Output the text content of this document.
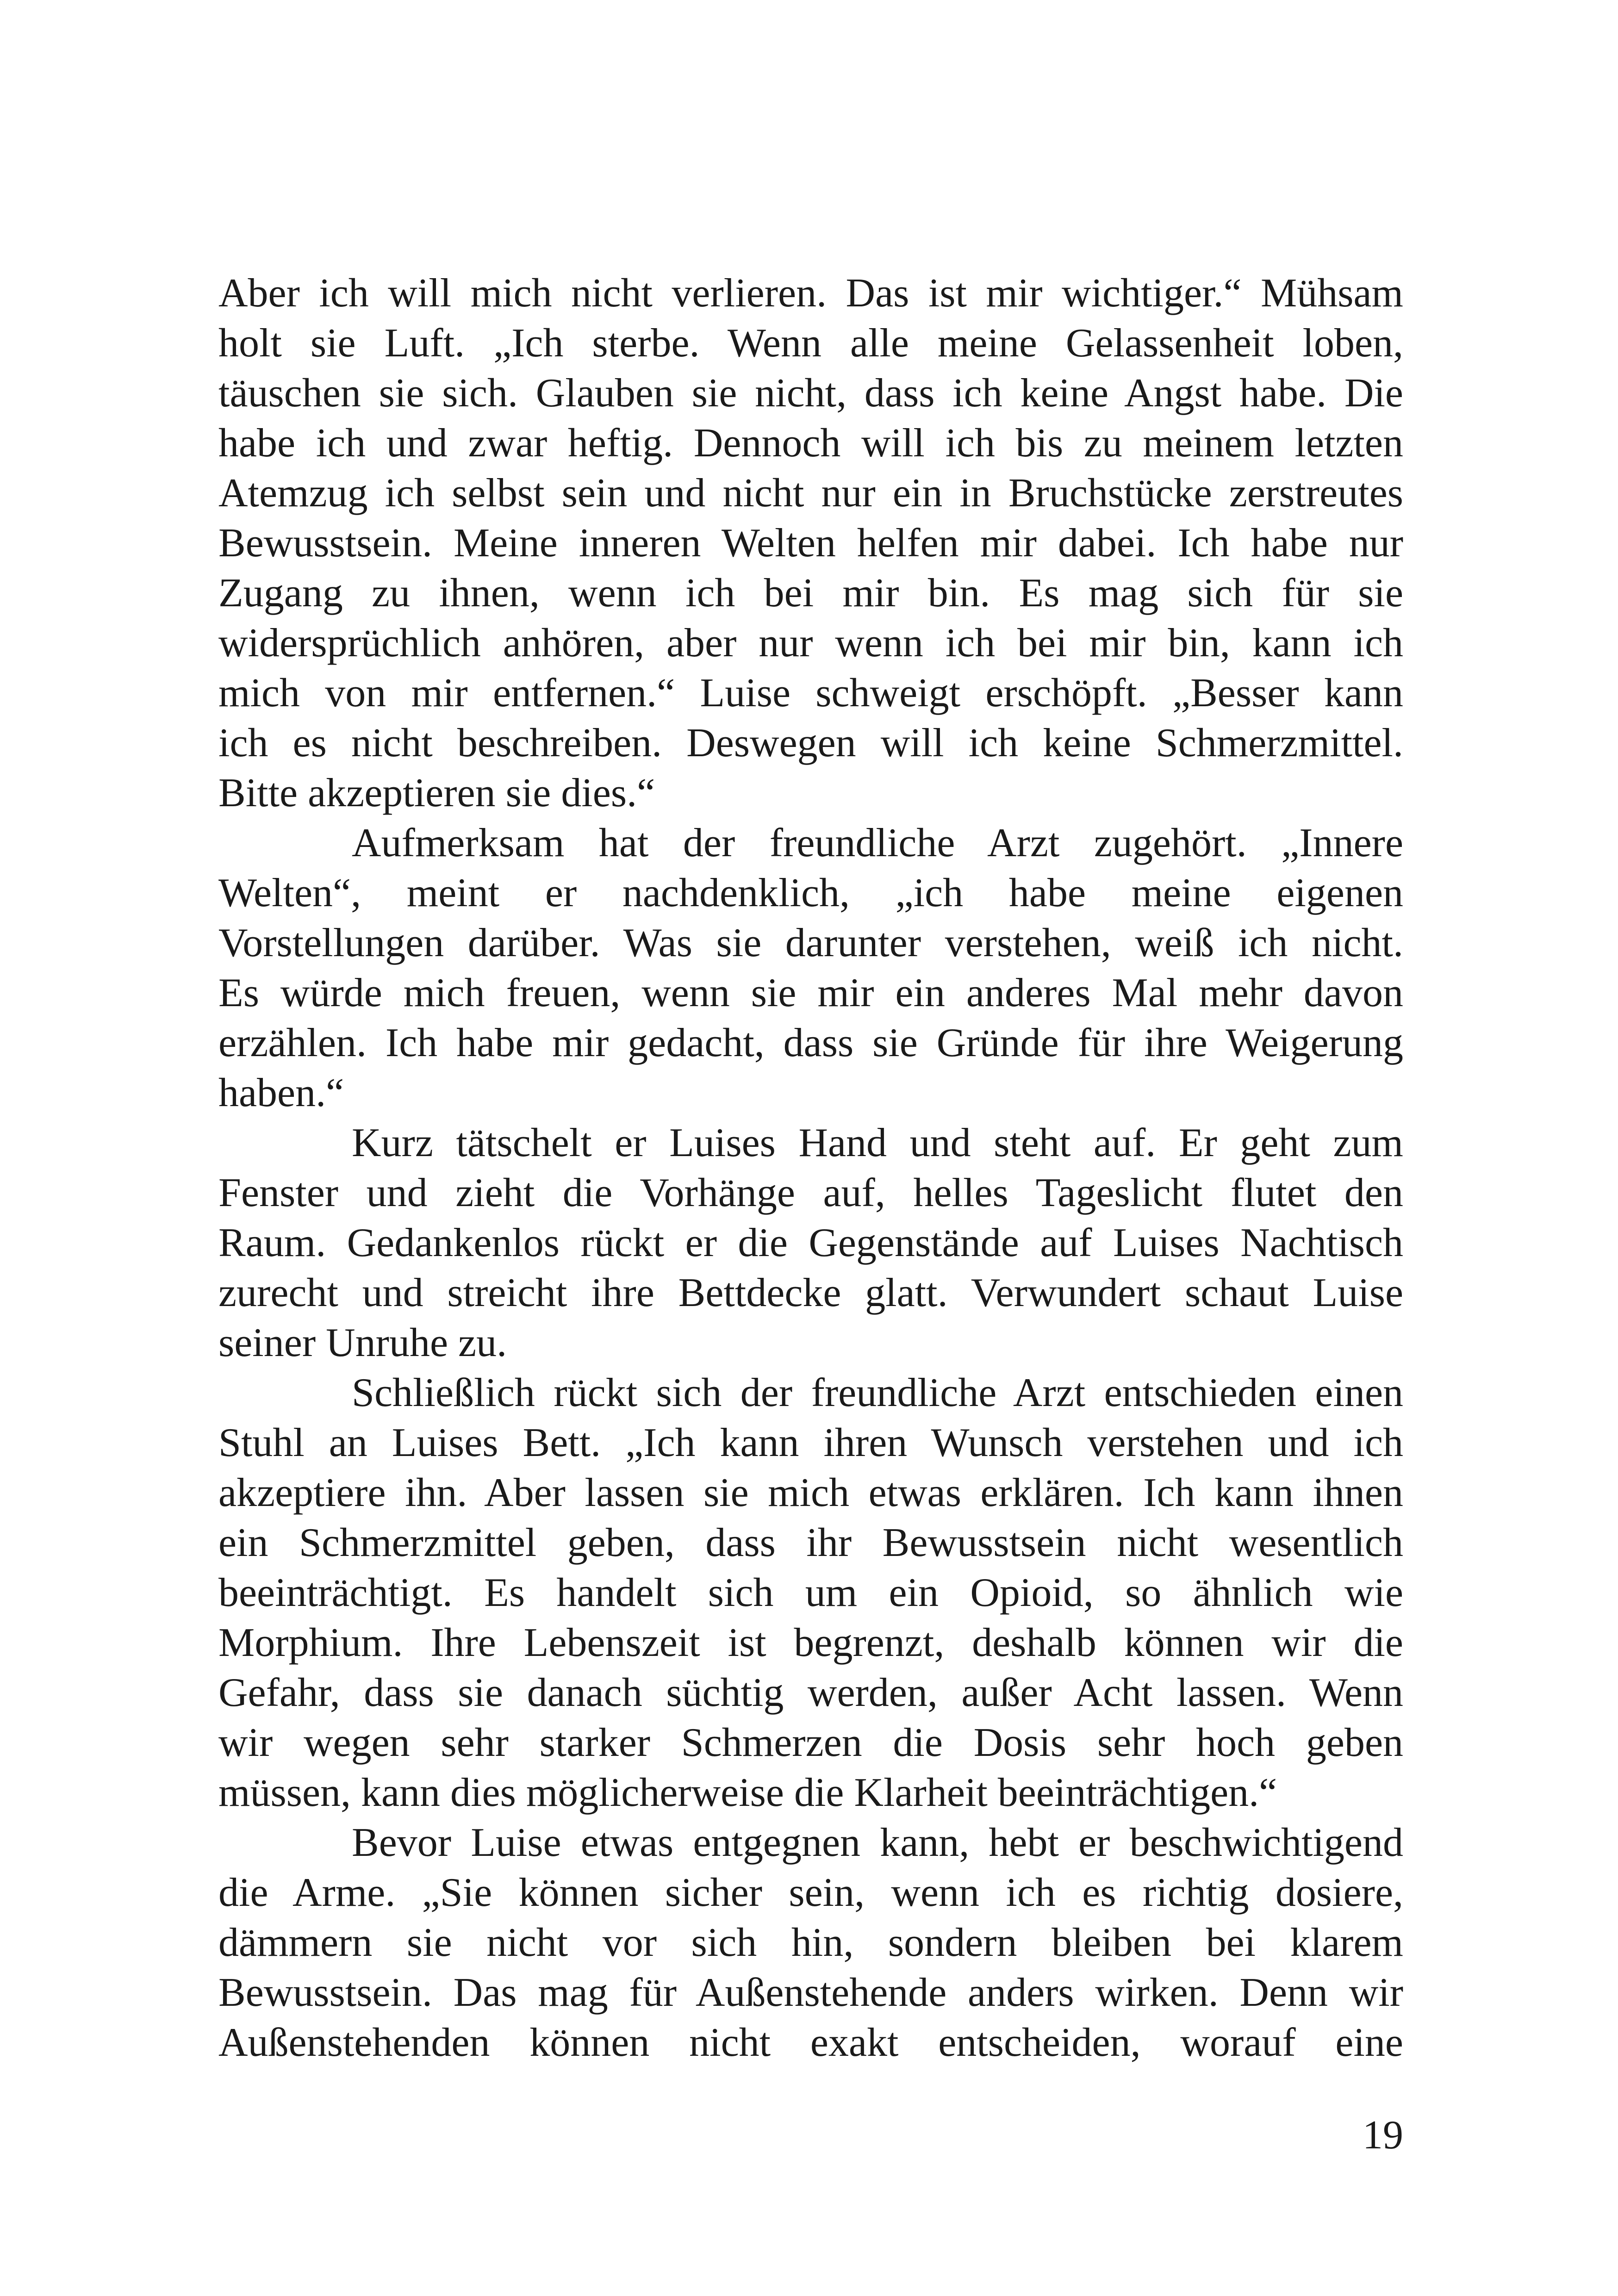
Aber ich will mich nicht verlieren. Das ist mir wichtiger.“ Mühsam
holt sie Luft. „Ich sterbe. Wenn alle meine Gelassenheit loben,
täuschen sie sich. Glauben sie nicht, dass ich keine Angst habe. Die
habe ich und zwar heftig. Dennoch will ich bis zu meinem letzten
Atemzug ich selbst sein und nicht nur ein in Bruchstücke zerstreutes
Bewusstsein. Meine inneren Welten helfen mir dabei. Ich habe nur
Zugang zu ihnen, wenn ich bei mir bin. Es mag sich für sie
widersprüchlich anhören, aber nur wenn ich bei mir bin, kann ich
mich von mir entfernen.“ Luise schweigt erschöpft. „Besser kann
ich es nicht beschreiben. Deswegen will ich keine Schmerzmittel.
Bitte akzeptieren sie dies.“
Aufmerksam hat der freundliche Arzt zugehört. „Innere
Welten“, meint er nachdenklich, „ich habe meine eigenen
Vorstellungen darüber. Was sie darunter verstehen, weiß ich nicht.
Es würde mich freuen, wenn sie mir ein anderes Mal mehr davon
erzählen. Ich habe mir gedacht, dass sie Gründe für ihre Weigerung
haben.“
Kurz tätschelt er Luises Hand und steht auf. Er geht zum
Fenster und zieht die Vorhänge auf, helles Tageslicht flutet den
Raum. Gedankenlos rückt er die Gegenstände auf Luises Nachtisch
zurecht und streicht ihre Bettdecke glatt. Verwundert schaut Luise
seiner Unruhe zu.
Schließlich rückt sich der freundliche Arzt entschieden einen
Stuhl an Luises Bett. „Ich kann ihren Wunsch verstehen und ich
akzeptiere ihn. Aber lassen sie mich etwas erklären. Ich kann ihnen
ein Schmerzmittel geben, dass ihr Bewusstsein nicht wesentlich
beeinträchtigt. Es handelt sich um ein Opioid, so ähnlich wie
Morphium. Ihre Lebenszeit ist begrenzt, deshalb können wir die
Gefahr, dass sie danach süchtig werden, außer Acht lassen. Wenn
wir wegen sehr starker Schmerzen die Dosis sehr hoch geben
müssen, kann dies möglicherweise die Klarheit beeinträchtigen.“
Bevor Luise etwas entgegnen kann, hebt er beschwichtigend
die Arme. „Sie können sicher sein, wenn ich es richtig dosiere,
dämmern sie nicht vor sich hin, sondern bleiben bei klarem
Bewusstsein. Das mag für Außenstehende anders wirken. Denn wir
Außenstehenden können nicht exakt entscheiden, worauf eine
19
